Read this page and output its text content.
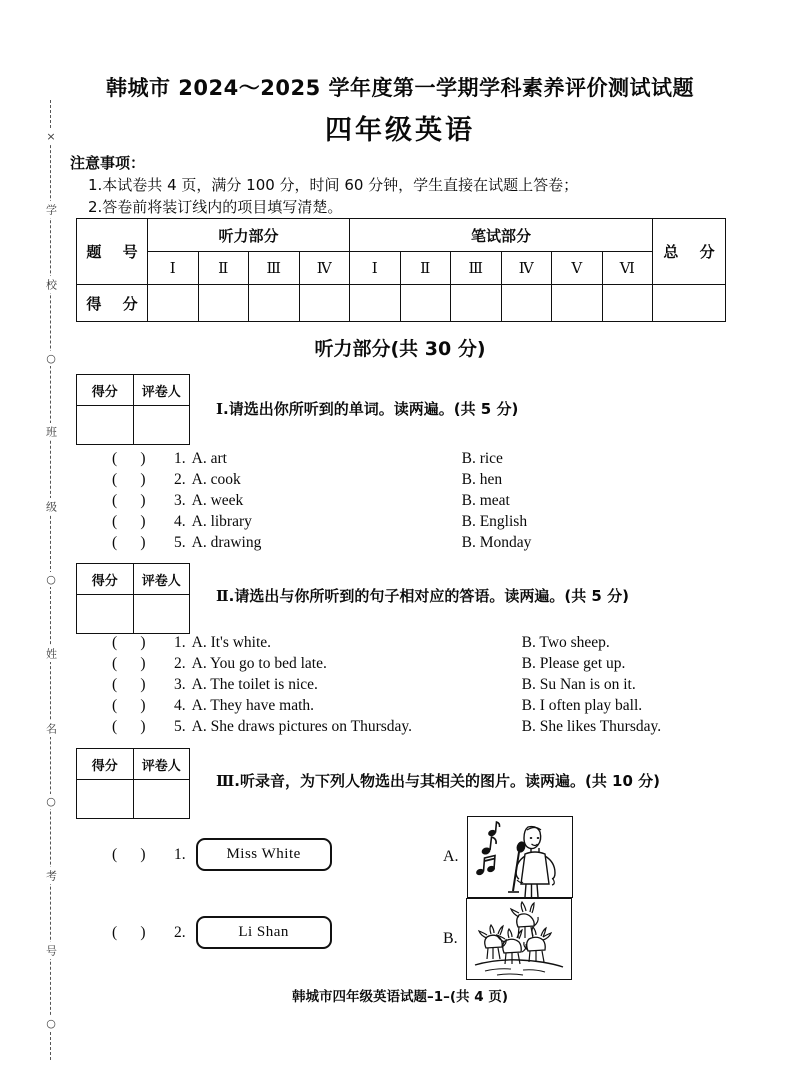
×
学
校
○
班
级
○
姓
名
○
考
号
○
韩城市 2024～2025 学年度第一学期学科素养评价测试试题
四年级英语
注意事项：
1.本试卷共 4 页，满分 100 分，时间 60 分钟，学生直接在试题上答卷；
2.答卷前将装订线内的项目填写清楚。
题 号	听力部分				笔试部分						总 分
	Ⅰ	Ⅱ	Ⅲ	Ⅳ	Ⅰ	Ⅱ	Ⅲ	Ⅳ	Ⅴ	Ⅵ	
得 分											
听力部分(共 30 分)
得分	评卷人

Ⅰ.请选出你所听到的单词。读两遍。(共 5 分)
(      )	1. A. art	B. rice
(      )	2. A. cook	B. hen
(      )	3. A. week	B. meat
(      )	4. A. library	B. English
(      )	5. A. drawing	B. Monday
得分	评卷人

Ⅱ.请选出与你所听到的句子相对应的答语。读两遍。(共 5 分)
(      )	1. A. It's white.	B. Two sheep.
(      )	2. A. You go to bed late.	B. Please get up.
(      )	3. A. The toilet is nice.	B. Su Nan is on it.
(      )	4. A. They have math.	B. I often play ball.
(      )	5. A. She draws pictures on Thursday.	B. She likes Thursday.
得分	评卷人

Ⅲ.听录音，为下列人物选出与其相关的图片。读两遍。(共 10 分)
(      )	1.	Miss White
(      )	2.	Li Shan
A.
B.
韩城市四年级英语试题–1–(共 4 页)
